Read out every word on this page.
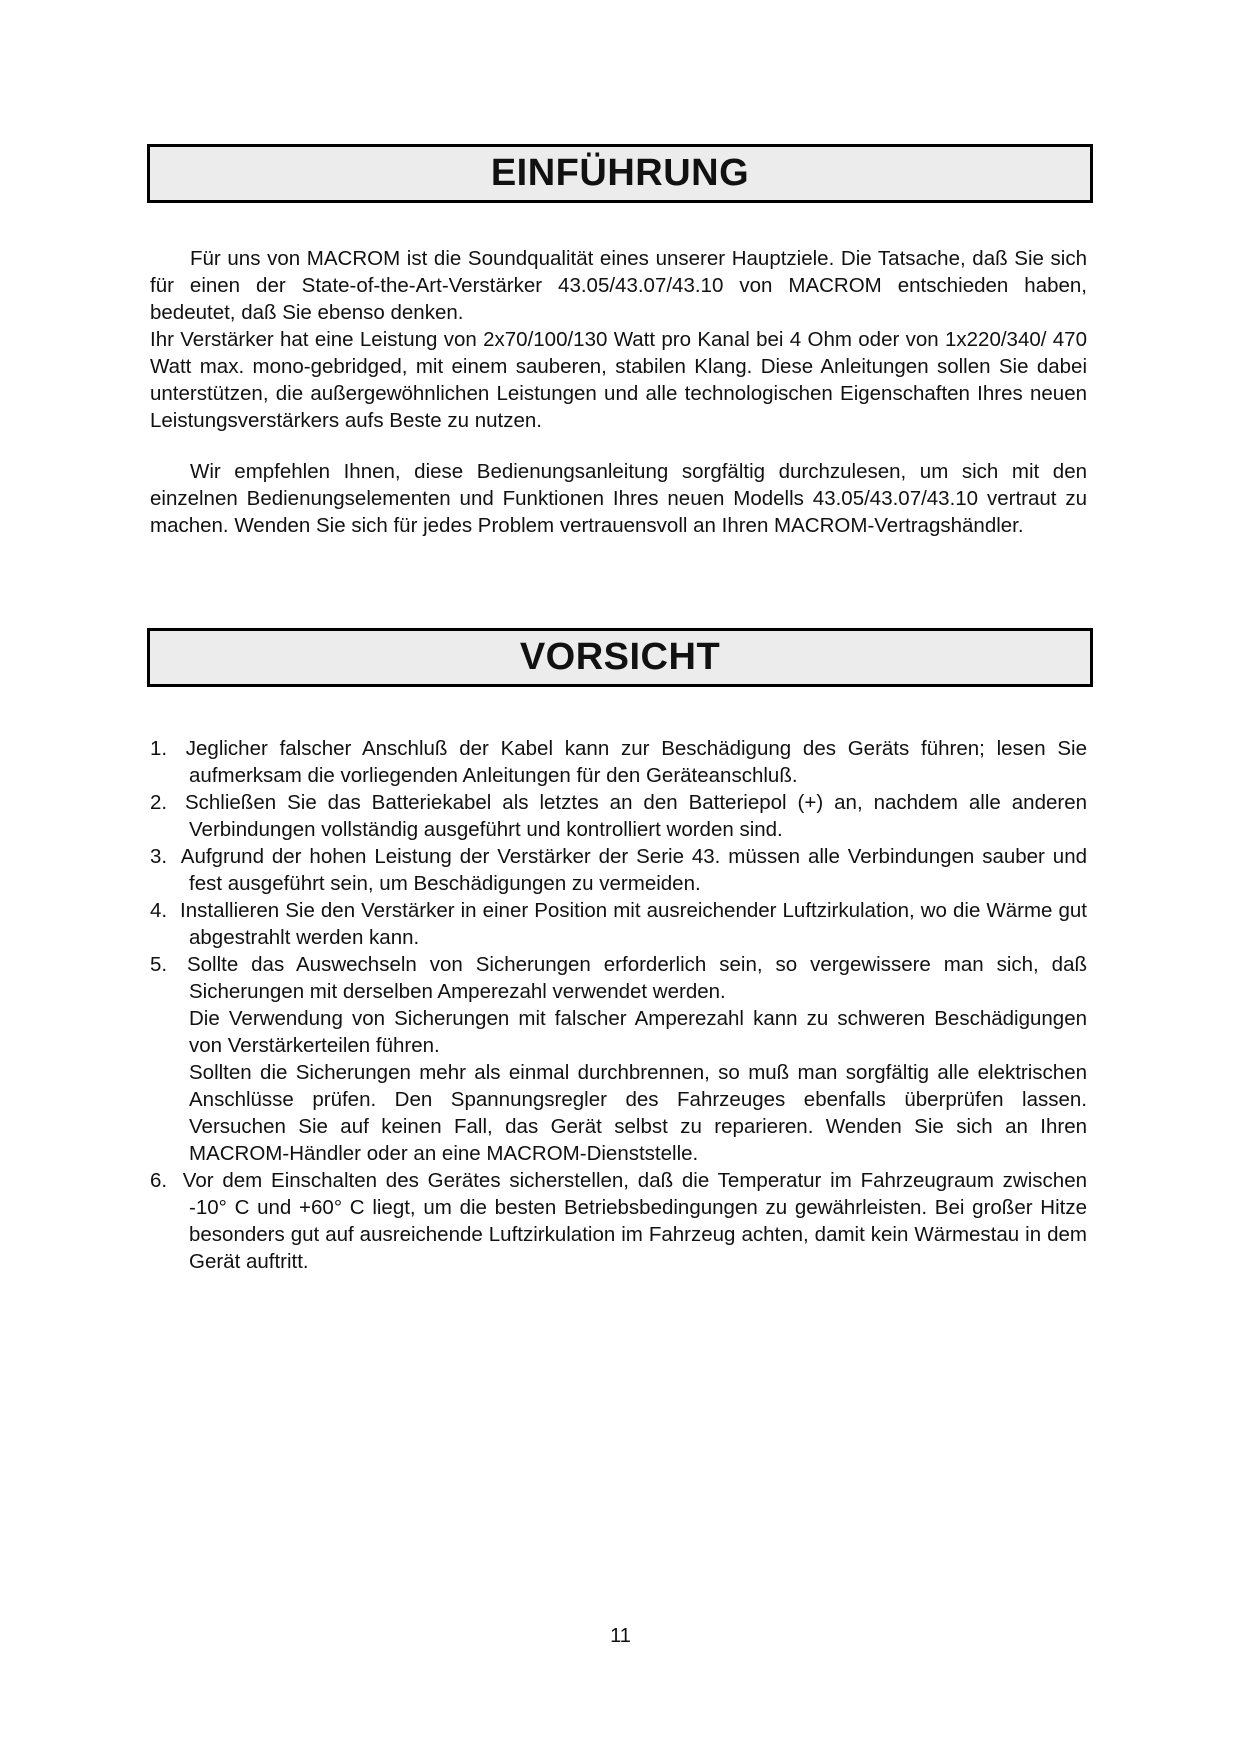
EINFÜHRUNG

Für uns von MACROM ist die Soundqualität eines unserer Hauptziele. Die Tatsache, daß Sie sich für einen der State-of-the-Art-Verstärker 43.05/43.07/43.10 von MACROM entschieden haben, bedeutet, daß Sie ebenso denken.

Ihr Verstärker hat eine Leistung von 2x70/100/130 Watt pro Kanal bei 4 Ohm oder von 1x220/340/ 470 Watt max. mono-gebridged, mit einem sauberen, stabilen Klang. Diese Anleitungen sollen Sie dabei unterstützen, die außergewöhnlichen Leistungen und alle technologischen Eigenschaften Ihres neuen Leistungsverstärkers aufs Beste zu nutzen.

Wir empfehlen Ihnen, diese Bedienungsanleitung sorgfältig durchzulesen, um sich mit den einzelnen Bedienungselementen und Funktionen Ihres neuen Modells 43.05/43.07/43.10 vertraut zu machen. Wenden Sie sich für jedes Problem vertrauensvoll an Ihren MACROM-Vertragshändler.

VORSICHT
1. Jeglicher falscher Anschluß der Kabel kann zur Beschädigung des Geräts führen; lesen Sie aufmerksam die vorliegenden Anleitungen für den Geräteanschluß.
2. Schließen Sie das Batteriekabel als letztes an den Batteriepol (+) an, nachdem alle anderen Verbindungen vollständig ausgeführt und kontrolliert worden sind.
3. Aufgrund der hohen Leistung der Verstärker der Serie 43. müssen alle Verbindungen sauber und fest ausgeführt sein, um Beschädigungen zu vermeiden.
4. Installieren Sie den Verstärker in einer Position mit ausreichender Luftzirkulation, wo die Wärme gut abgestrahlt werden kann.
5. Sollte das Auswechseln von Sicherungen erforderlich sein, so vergewissere man sich, daß Sicherungen mit derselben Amperezahl verwendet werden.
Die Verwendung von Sicherungen mit falscher Amperezahl kann zu schweren Beschädigungen von Verstärkerteilen führen.
Sollten die Sicherungen mehr als einmal durchbrennen, so muß man sorgfältig alle elektrischen Anschlüsse prüfen. Den Spannungsregler des Fahrzeuges ebenfalls überprüfen lassen. Versuchen Sie auf keinen Fall, das Gerät selbst zu reparieren. Wenden Sie sich an Ihren MACROM-Händler oder an eine MACROM-Dienststelle.
6. Vor dem Einschalten des Gerätes sicherstellen, daß die Temperatur im Fahrzeugraum zwischen -10° C und +60° C liegt, um die besten Betriebsbedingungen zu gewährleisten. Bei großer Hitze besonders gut auf ausreichende Luftzirkulation im Fahrzeug achten, damit kein Wärmestau in dem Gerät auftritt.
11
